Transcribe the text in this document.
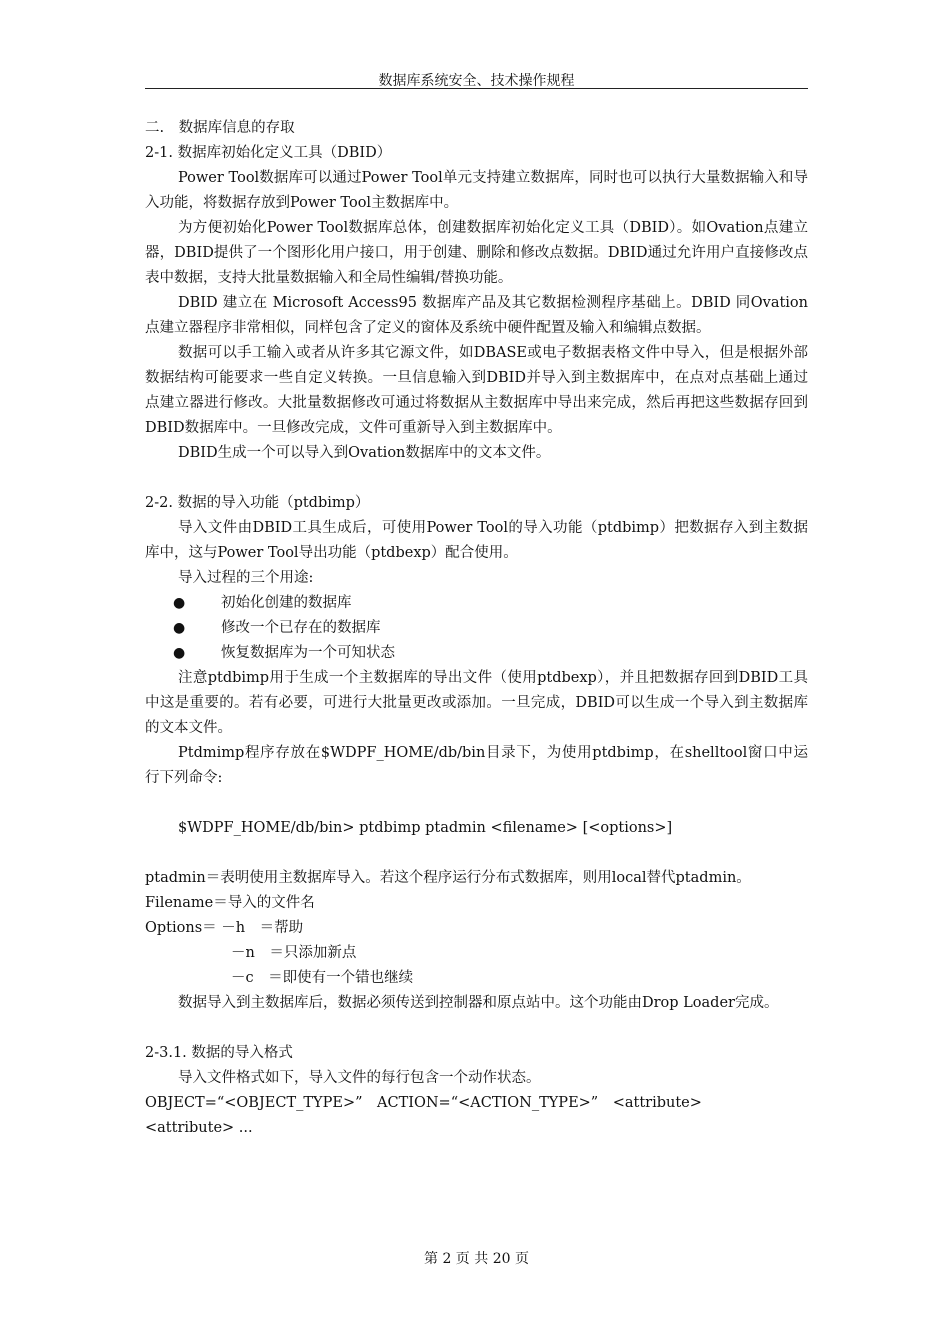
数据库系统安全、技术操作规程

二.　数据库信息的存取

2-1. 数据库初始化定义工具（DBID）

Power Tool数据库可以通过Power Tool单元支持建立数据库，同时也可以执行大量数据输入和导入功能，将数据存放到Power Tool主数据库中。

为方便初始化Power Tool数据库总体，创建数据库初始化定义工具（DBID）。如Ovation点建立器，DBID提供了一个图形化用户接口，用于创建、删除和修改点数据。DBID通过允许用户直接修改点表中数据，支持大批量数据输入和全局性编辑/替换功能。

DBID 建立在 Microsoft Access95 数据库产品及其它数据检测程序基础上。DBID 同Ovation点建立器程序非常相似，同样包含了定义的窗体及系统中硬件配置及输入和编辑点数据。

数据可以手工输入或者从许多其它源文件，如DBASE或电子数据表格文件中导入，但是根据外部数据结构可能要求一些自定义转换。一旦信息输入到DBID并导入到主数据库中，在点对点基础上通过点建立器进行修改。大批量数据修改可通过将数据从主数据库中导出来完成，然后再把这些数据存回到DBID数据库中。一旦修改完成，文件可重新导入到主数据库中。

DBID生成一个可以导入到Ovation数据库中的文本文件。

2-2. 数据的导入功能（ptdbimp）

导入文件由DBID工具生成后，可使用Power Tool的导入功能（ptdbimp）把数据存入到主数据库中，这与Power Tool导出功能（ptdbexp）配合使用。

导入过程的三个用途:

● 初始化创建的数据库
● 修改一个已存在的数据库
● 恢复数据库为一个可知状态

注意ptdbimp用于生成一个主数据库的导出文件（使用ptdbexp），并且把数据存回到DBID工具中这是重要的。若有必要，可进行大批量更改或添加。一旦完成，DBID可以生成一个导入到主数据库的文本文件。

Ptdmimp程序存放在$WDPF_HOME/db/bin目录下，为使用ptdbimp，在shelltool窗口中运行下列命令:

$WDPF_HOME/db/bin> ptdbimp ptadmin <filename> [<options>]

ptadmin＝表明使用主数据库导入。若这个程序运行分布式数据库，则用local替代ptadmin。

Filename＝导入的文件名

Options＝ －h　＝帮助

－n　＝只添加新点

－c　＝即使有一个错也继续

数据导入到主数据库后，数据必须传送到控制器和原点站中。这个功能由Drop Loader完成。

2-3.1. 数据的导入格式

导入文件格式如下，导入文件的每行包含一个动作状态。

OBJECT=“<OBJECT_TYPE>”　ACTION=“<ACTION_TYPE>”　<attribute>

<attribute> ...

第 2 页 共 20 页
